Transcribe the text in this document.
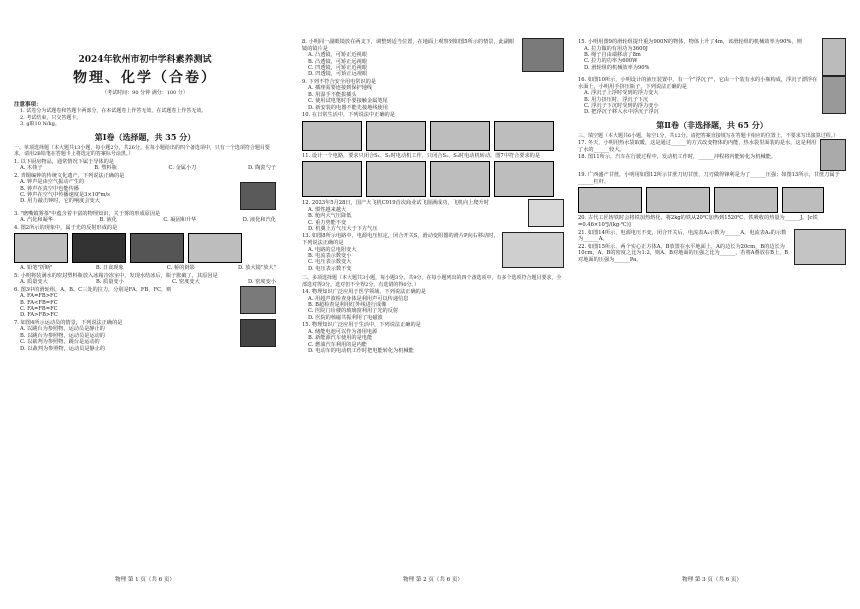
2024年钦州市初中学科素养测试
物理、化学（合卷）
（考试时间：90 分钟 满分：100 分）
注意事项：
1. 试卷分为试题卷和答题卡两部分，在本试题卷上作答无效，在试题卷上作答无效。
2. 考试结束，只交答题卡。
3. g取10 N/kg。
第Ⅰ卷（选择题，共 35 分）
一、单项选择题（本大题共13小题，每小题2分，共26分。在每小题给出的四个备选项中，只有一个选项符合题目要求，请用2B铅笔在答题卡上将选定的答案标号涂黑。）
1. 以下厨房物品，通常情况下属于导体的是
A. 木筷子	B. 塑料瓶	C. 金属小刀	D. 陶瓷勺子
2. 青铜编钟的传统文化遗产，下列说法正确的是
A. 钟声是由空气振动产生的
B. 钟声在真空中也能传播
C. 钟声在空气中传播速度是3×10⁸m/s
D. 用力敲击钟时，它的响度会变大
3. "磨嘴镇雾茶"中蕴含着丰富的物理知识，关于雾的形成原因是
A. 汽化和凝华	B. 液化	C. 凝固和升华	D. 液化和汽化
4. 图2所示的现象中，属于光的反射形成的是
A. 铅笔"折断"	B. 日食现象	C. 桥的倒影	D. 放大镜"放大"
5. 小明将装满水的密封塑料瓶放入冰箱冷冻室中，发现水结冰后，瓶子胀破了，其原因是
A. 质量变大	B. 质量变小	C. 密度变大	D. 密度变小
6. 图3中的滑轮组，A、B、C三处的拉力，分别是FA、FB、FC，则
A. FA=FB>FC
B. FA<FB=FC
C. FA=FB=FC
D. FA>FB>FC
7. 如图4所示运动员的情景，下列说法正确的是
A. 以跳台为参照物，运动员是静止的
B. 以跳台为参照物，运动员是运动的
C. 以裁判为参照物，跳台是运动的
D. 以裁判为参照物，运动员是静止的
物理 第 1 页（共 6 页）
8. 小明同一副眼镜放在两支下，调整到适当位置，在地面上观察到如图5所示的情景，此副眼镜的镜片是
A. 凸透镜，可矫正近视眼
B. 凸透镜，可矫正远视眼
C. 凹透镜，可矫正近视眼
D. 凹透镜，可矫正远视眼
9. 下列不符合安全用电常识的是
A. 插座需要连接到保护地线
B. 用湿手不能拔插头
C. 使用试电笔时手要接触金属笔尾
D. 新安装的电器不能先接地线使用
10. 在日常生活中，下列说法中正确的是
11. 设计一个电路，要求只闭合S₁、S₂时电动机工作，只闭合S₁、S₃时电动机转动，图7中符合要求的是
12. 2023年5月28日，国产大飞机C919首次商业试飞圆满成功，飞机向上爬升时
A. 惯性越来越大
B. 舱内大气压降低
C. 重力势能不变
D. 机翼上方气压大于下方气压
13. 如图8所示电路中，电源电压恒定，闭合开关S，滑动变阻器的滑片P向右移动时，下列说法正确的是
A. 电路的总电阻变大
B. 电流表示数变小
C. 电压表示数变大
D. 电压表示数不变
二、多项选择题（本大题共3小题，每小题3分，共9分。在每小题列出的四个备选项中，有多个选项符合题目要求，全部选对得3分，选对但不全得2分，有选错的得0分。）
14. 物理知识广泛应用于医学领域，下列说法正确的是
A. 用超声波检查身体是利用声可以传递信息
B. B超检查是利用红外线进行成像
C. 医院门诊楼的玻璃窗利用了光的反射
D. 医院的核磁共振利用了电磁波
15. 物理知识广泛应用于生活中，下列说法正确的是
A. 储能电池可以作为备用电源
B. 新能源汽车使用的是电能
C. 燃油汽车利用的是内能
D. 电动车的电动机工作时把电能转化为机械能
物理 第 2 页（共 6 页）
15. 小明用图9的滑轮组提升重为900N的物体，物体上升了4m，该滑轮组的机械效率为90%，则
A. 拉力做的有用功为3600J
B. 绳子自由端移动了8m
C. 拉力的功率为600W
D. 滑轮组的机械效率为90%
16. 如图10所示，小明设计的液压装置中，有一个"浮沉子"，它由一个装有水的小瓶构成，浮沉子漂浮在水面上，小明用手挤压瓶子，下列说法正确的是
A. 浮沉子上浮时受到的浮力变大
B. 用力挤压时，浮沉子下沉
C. 浮沉子下沉时受到的浮力变小
D. 把浮沉子移入水中浮沉子浮沉
第Ⅱ卷（非选择题，共 65 分）
三、填空题（本大题共6小题，每空1分，共12分。请把答案直接填写在答题卡相应的位置上，不要求写出演算过程。）
17. 冬天，小明用热水袋取暖，这是通过______的方式改变物体的内能，热水袋里面装的是水，这是利用了水的______较大。
18. 图11所示，汽车在行驶过程中，发动机工作时，______冲程将内能转化为机械能。
19. 广西盛产甘蔗，小明用如图12所示甘蔗刀切甘蔗，刀刃做得锋利是为了______压强；如图13所示，甘蔗刀属于______杠杆。
20. 古代工匠铸铁时会将铁加热熔化，将2kg的铁从20℃加热到1520℃，铁吸收的热量为______J。[c铁=0.46×10³J/(kg·℃)]
21. 如图14所示，电源电压不变，闭合开关后，电流表A₁示数为______A，电流表A₂的示数为______A。
22. 如图15所示，两个实心正方体A、B放置在水平地面上，A的边长为20cm，B的边长为10cm，A、B的密度之比为1:2，则A、B对地面的压强之比为______，若将A叠放在B上，B对地面的压强为______Pa。
物理 第 3 页（共 6 页）
